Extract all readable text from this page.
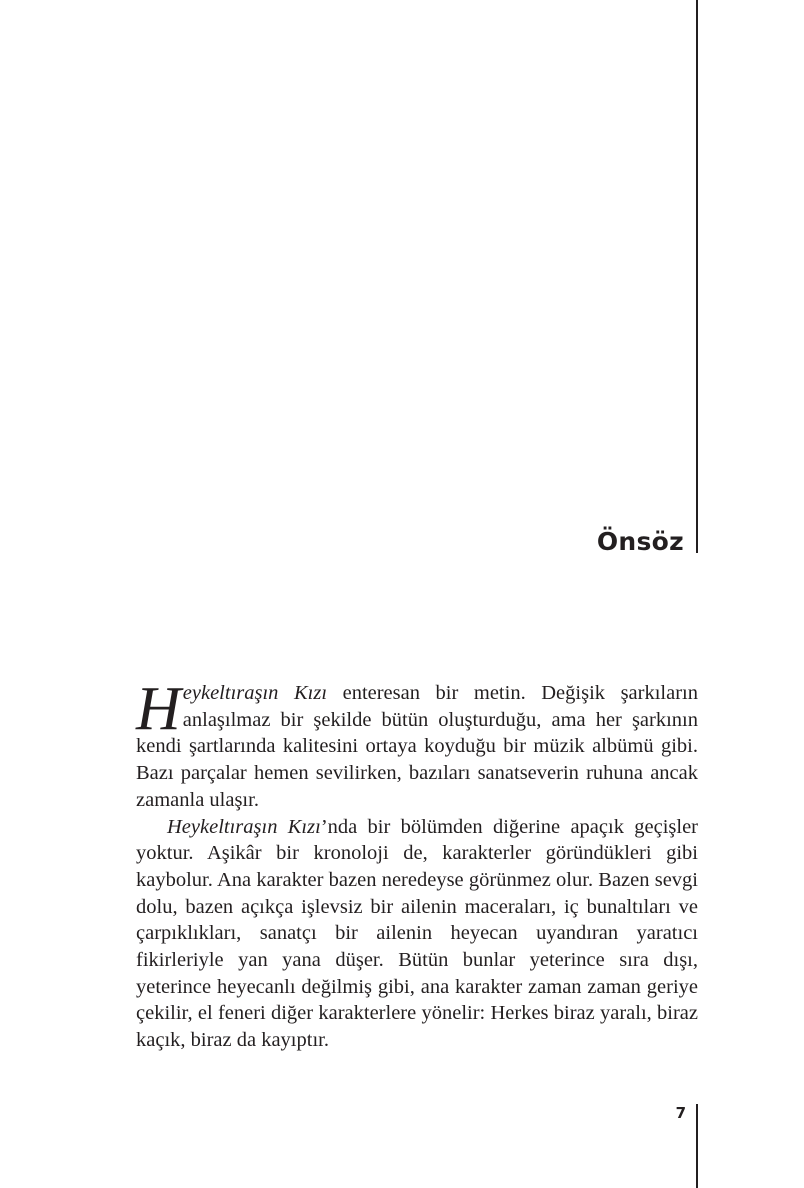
Önsöz

Heykeltıraşın Kızı enteresan bir metin. Değişik şarkıların anlaşılmaz bir şekilde bütün oluşturduğu, ama her şarkının kendi şartlarında kalitesini ortaya koyduğu bir müzik albümü gibi. Bazı parçalar hemen sevilirken, bazıları sanatseverin ruhuna ancak zamanla ulaşır.

Heykeltıraşın Kızı’nda bir bölümden diğerine apaçık geçişler yoktur. Aşikâr bir kronoloji de, karakterler göründükleri gibi kaybolur. Ana karakter bazen neredeyse görünmez olur. Bazen sevgi dolu, bazen açıkça işlevsiz bir ailenin maceraları, iç bunaltıları ve çarpıklıkları, sanatçı bir ailenin heyecan uyandıran yaratıcı fikirleriyle yan yana düşer. Bütün bunlar yeterince sıra dışı, yeterince heyecanlı değilmiş gibi, ana karakter zaman zaman geriye çekilir, el feneri diğer karakterlere yönelir: Herkes biraz yaralı, biraz kaçık, biraz da kayıptır.

7
